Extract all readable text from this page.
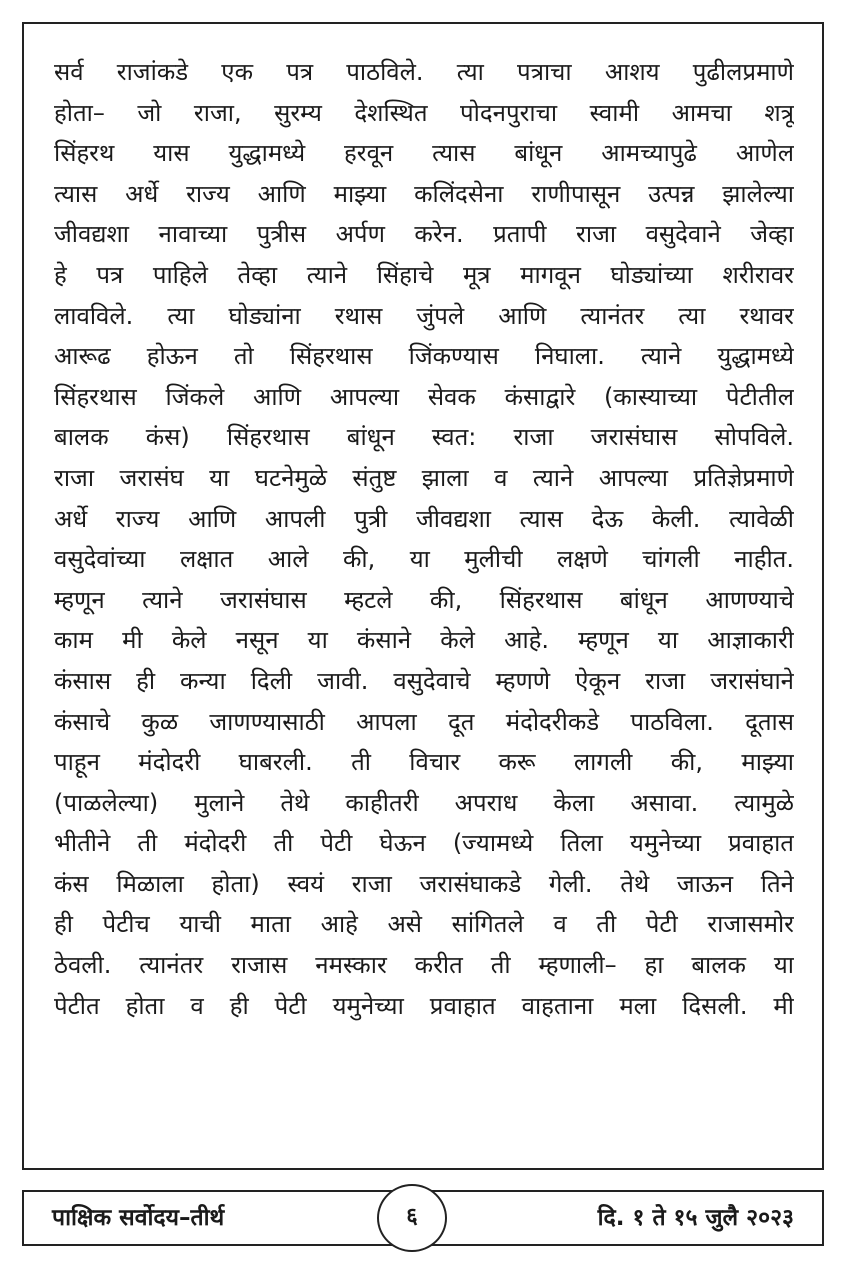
सर्व राजांकडे एक पत्र पाठविले. त्या पत्राचा आशय पुढीलप्रमाणे
होता– जो राजा, सुरम्य देशस्थित पोदनपुराचा स्वामी आमचा शत्रू
सिंहरथ यास युद्धामध्ये हरवून त्यास बांधून आमच्यापुढे आणेल
त्यास अर्धे राज्य आणि माझ्या कलिंदसेना राणीपासून उत्पन्न झालेल्या
जीवद्यशा नावाच्या पुत्रीस अर्पण करेन. प्रतापी राजा वसुदेवाने जेव्हा
हे पत्र पाहिले तेव्हा त्याने सिंहाचे मूत्र मागवून घोड्यांच्या शरीरावर
लावविले. त्या घोड्यांना रथास जुंपले आणि त्यानंतर त्या रथावर
आरूढ होऊन तो सिंहरथास जिंकण्यास निघाला. त्याने युद्धामध्ये
सिंहरथास जिंकले आणि आपल्या सेवक कंसाद्वारे (कास्याच्या पेटीतील
बालक कंस) सिंहरथास बांधून स्वत: राजा जरासंघास सोपविले.
राजा जरासंघ या घटनेमुळे संतुष्ट झाला व त्याने आपल्या प्रतिज्ञेप्रमाणे
अर्धे राज्य आणि आपली पुत्री जीवद्यशा त्यास देऊ केली. त्यावेळी
वसुदेवांच्या लक्षात आले की, या मुलीची लक्षणे चांगली नाहीत.
म्हणून त्याने जरासंघास म्हटले की, सिंहरथास बांधून आणण्याचे
काम मी केले नसून या कंसाने केले आहे. म्हणून या आज्ञाकारी
कंसास ही कन्या दिली जावी. वसुदेवाचे म्हणणे ऐकून राजा जरासंघाने
कंसाचे कुळ जाणण्यासाठी आपला दूत मंदोदरीकडे पाठविला. दूतास
पाहून मंदोदरी घाबरली. ती विचार करू लागली की, माझ्या
(पाळलेल्या) मुलाने तेथे काहीतरी अपराध केला असावा. त्यामुळे
भीतीने ती मंदोदरी ती पेटी घेऊन (ज्यामध्ये तिला यमुनेच्या प्रवाहात
कंस मिळाला होता) स्वयं राजा जरासंघाकडे गेली. तेथे जाऊन तिने
ही पेटीच याची माता आहे असे सांगितले व ती पेटी राजासमोर
ठेवली. त्यानंतर राजास नमस्कार करीत ती म्हणाली– हा बालक या
पेटीत होता व ही पेटी यमुनेच्या प्रवाहात वाहताना मला दिसली. मी
पाक्षिक सर्वोदय–तीर्थ	दि. १ ते १५ जुलै २०२३
६
